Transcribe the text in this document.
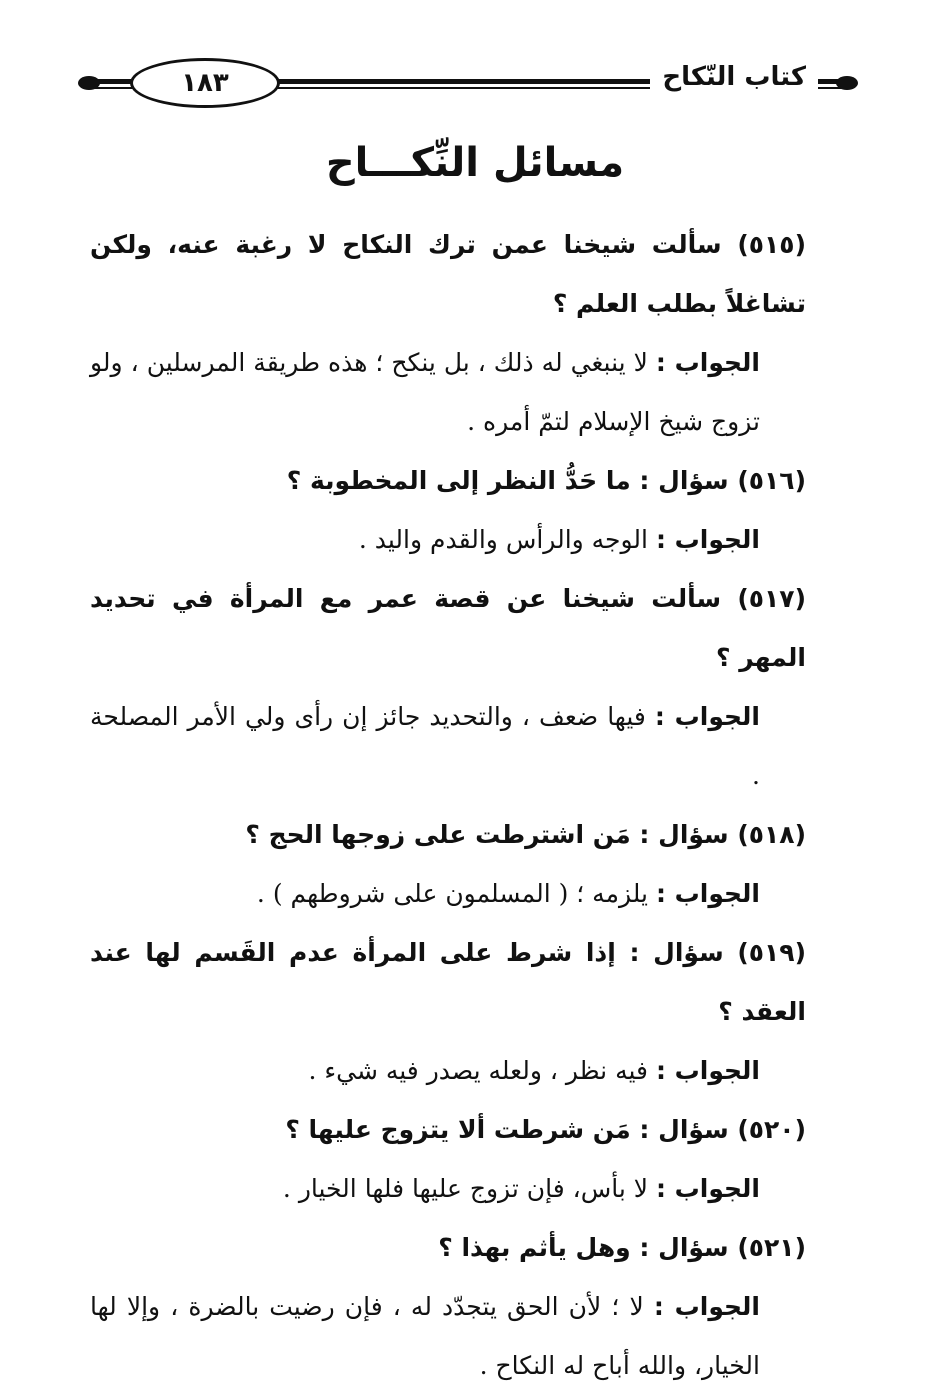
١٨٣	كتاب النّكاح
مسائل النِّكـــاح

(٥١٥) سألت شيخنا عمن ترك النكاح لا رغبة عنه، ولكن تشاغلاً بطلب العلم ؟

الجواب : لا ينبغي له ذلك ، بل ينكح ؛ هذه طريقة المرسلين ، ولو تزوج شيخ الإسلام لتمّ أمره .

(٥١٦) سؤال : ما حَدُّ النظر إلى المخطوبة ؟

الجواب : الوجه والرأس والقدم واليد .

(٥١٧) سألت شيخنا عن قصة عمر مع المرأة في تحديد المهر ؟

الجواب : فيها ضعف ، والتحديد جائز إن رأى ولي الأمر المصلحة .

(٥١٨) سؤال : مَن اشترطت على زوجها الحج ؟

الجواب : يلزمه ؛ ( المسلمون على شروطهم ) .

(٥١٩) سؤال : إذا شرط على المرأة عدم القَسم لها عند العقد ؟

الجواب : فيه نظر ، ولعله يصدر فيه شيء .

(٥٢٠) سؤال : مَن شرطت ألا يتزوج عليها ؟

الجواب : لا بأس، فإن تزوج عليها فلها الخيار .

(٥٢١) سؤال : وهل يأثم بهذا ؟

الجواب : لا ؛ لأن الحق يتجدّد له ، فإن رضيت بالضرة ، وإلا لها الخيار، والله أباح له النكاح .
